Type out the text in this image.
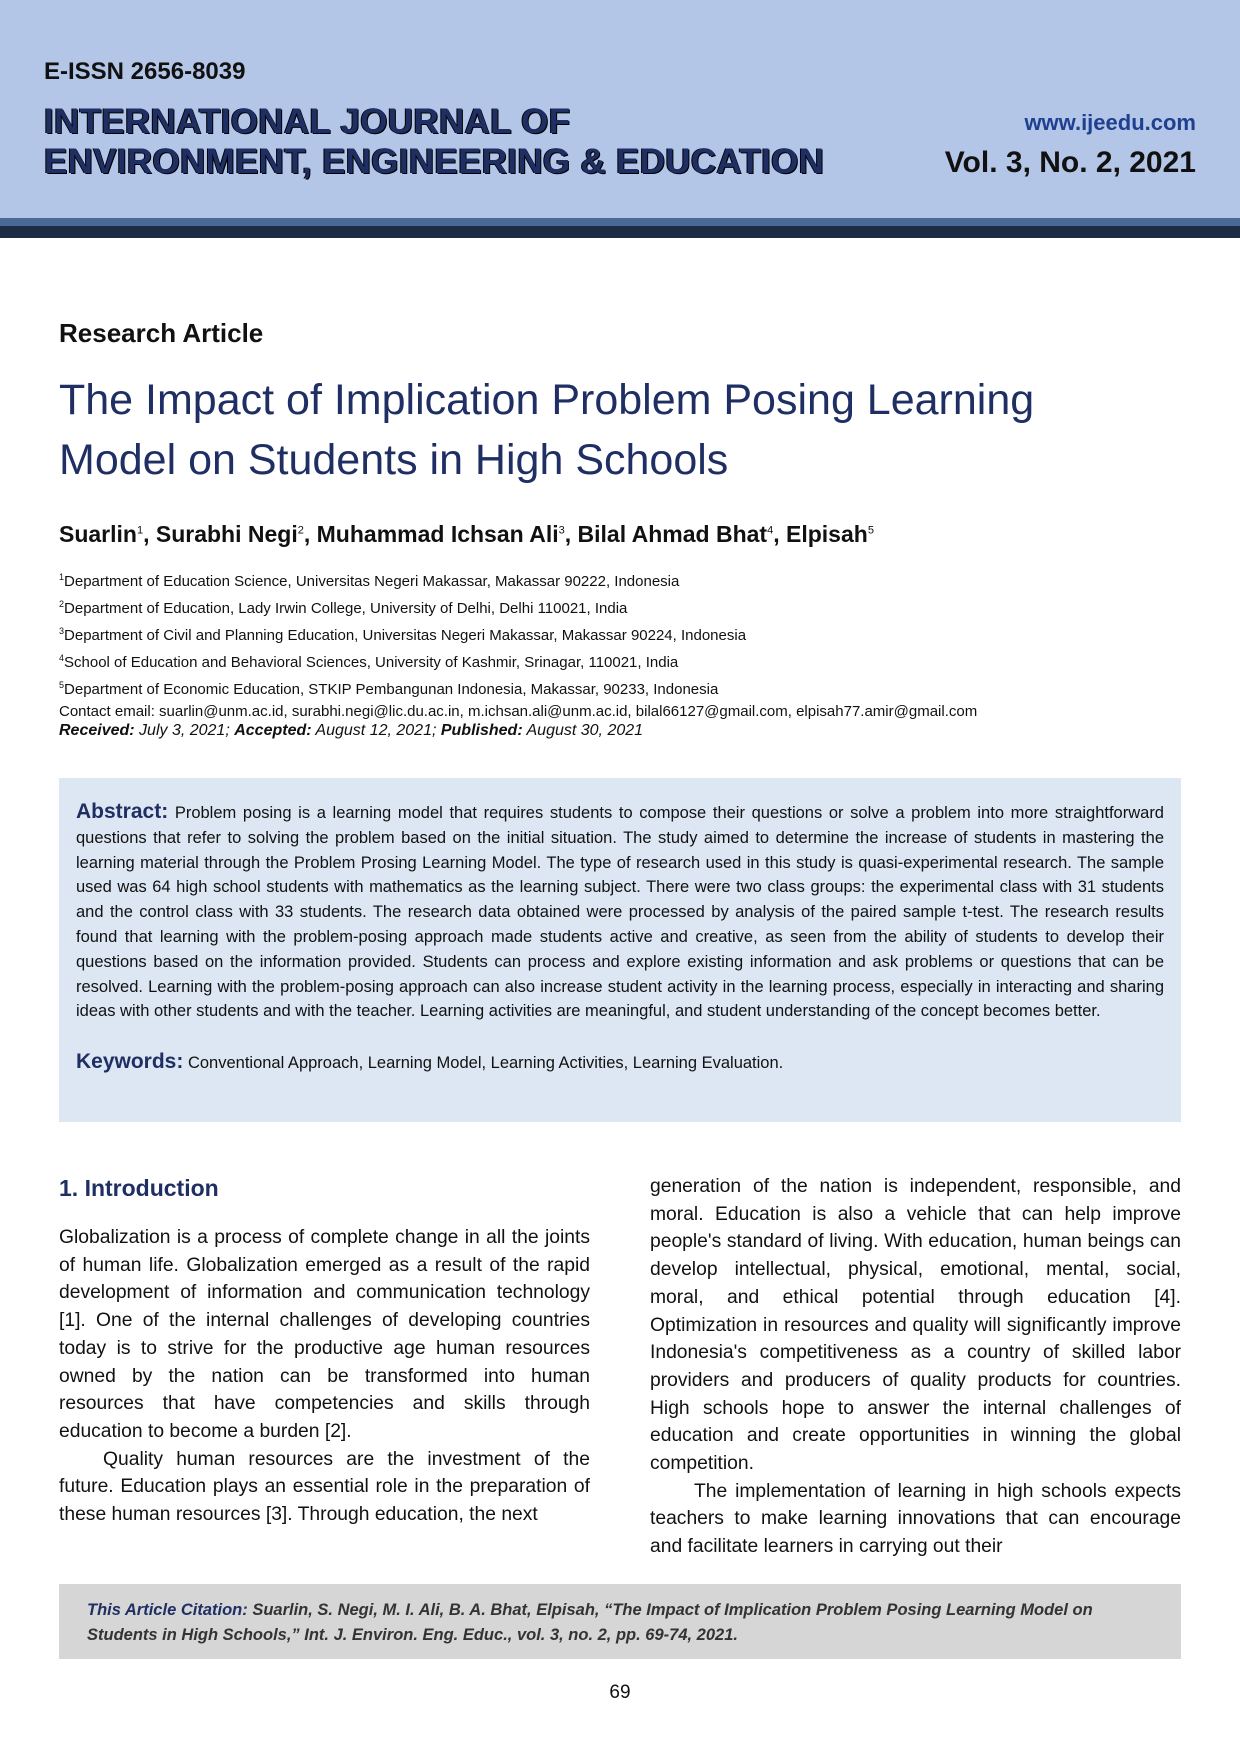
E-ISSN 2656-8039
INTERNATIONAL JOURNAL OF
ENVIRONMENT, ENGINEERING & EDUCATION
www.ijeedu.com
Vol. 3, No. 2, 2021
Research Article
The Impact of Implication Problem Posing Learning
Model on Students in High Schools
Suarlin$^1$, Surabhi Negi$^2$, Muhammad Ichsan Ali$^3$, Bilal Ahmad Bhat$^4$, Elpisah$^5$
$^1$Department of Education Science, Universitas Negeri Makassar, Makassar 90222, Indonesia
$^2$Department of Education, Lady Irwin College, University of Delhi, Delhi 110021, India
$^3$Department of Civil and Planning Education, Universitas Negeri Makassar, Makassar 90224, Indonesia
$^4$School of Education and Behavioral Sciences, University of Kashmir, Srinagar, 110021, India
$^5$Department of Economic Education, STKIP Pembangunan Indonesia, Makassar, 90233, Indonesia
Contact email: suarlin@unm.ac.id, surabhi.negi@lic.du.ac.in, m.ichsan.ali@unm.ac.id, bilal66127@gmail.com, elpisah77.amir@gmail.com
Received: July 3, 2021; Accepted: August 12, 2021; Published: August 30, 2021
Abstract: Problem posing is a learning model that requires students to compose their questions or solve a problem into more straightforward questions that refer to solving the problem based on the initial situation. The study aimed to determine the increase of students in mastering the learning material through the Problem Prosing Learning Model. The type of research used in this study is quasi-experimental research. The sample used was 64 high school students with mathematics as the learning subject. There were two class groups: the experimental class with 31 students and the control class with 33 students. The research data obtained were processed by analysis of the paired sample t-test. The research results found that learning with the problem-posing approach made students active and creative, as seen from the ability of students to develop their questions based on the information provided. Students can process and explore existing information and ask problems or questions that can be resolved. Learning with the problem-posing approach can also increase student activity in the learning process, especially in interacting and sharing ideas with other students and with the teacher. Learning activities are meaningful, and student understanding of the concept becomes better.
Keywords: Conventional Approach, Learning Model, Learning Activities, Learning Evaluation.
1. Introduction

Globalization is a process of complete change in all the joints of human life. Globalization emerged as a result of the rapid development of information and communication technology [1]. One of the internal challenges of developing countries today is to strive for the productive age human resources owned by the nation can be transformed into human resources that have competencies and skills through education to become a burden [2].

Quality human resources are the investment of the future. Education plays an essential role in the preparation of these human resources [3]. Through education, the next

generation of the nation is independent, responsible, and moral. Education is also a vehicle that can help improve people's standard of living. With education, human beings can develop intellectual, physical, emotional, mental, social, moral, and ethical potential through education [4]. Optimization in resources and quality will significantly improve Indonesia's competitiveness as a country of skilled labor providers and producers of quality products for countries. High schools hope to answer the internal challenges of education and create opportunities in winning the global competition.

The implementation of learning in high schools expects teachers to make learning innovations that can encourage and facilitate learners in carrying out their

This Article Citation: Suarlin, S. Negi, M. I. Ali, B. A. Bhat, Elpisah, “The Impact of Implication Problem Posing Learning Model on Students in High Schools,” Int. J. Environ. Eng. Educ., vol. 3, no. 2, pp. 69-74, 2021.
69
